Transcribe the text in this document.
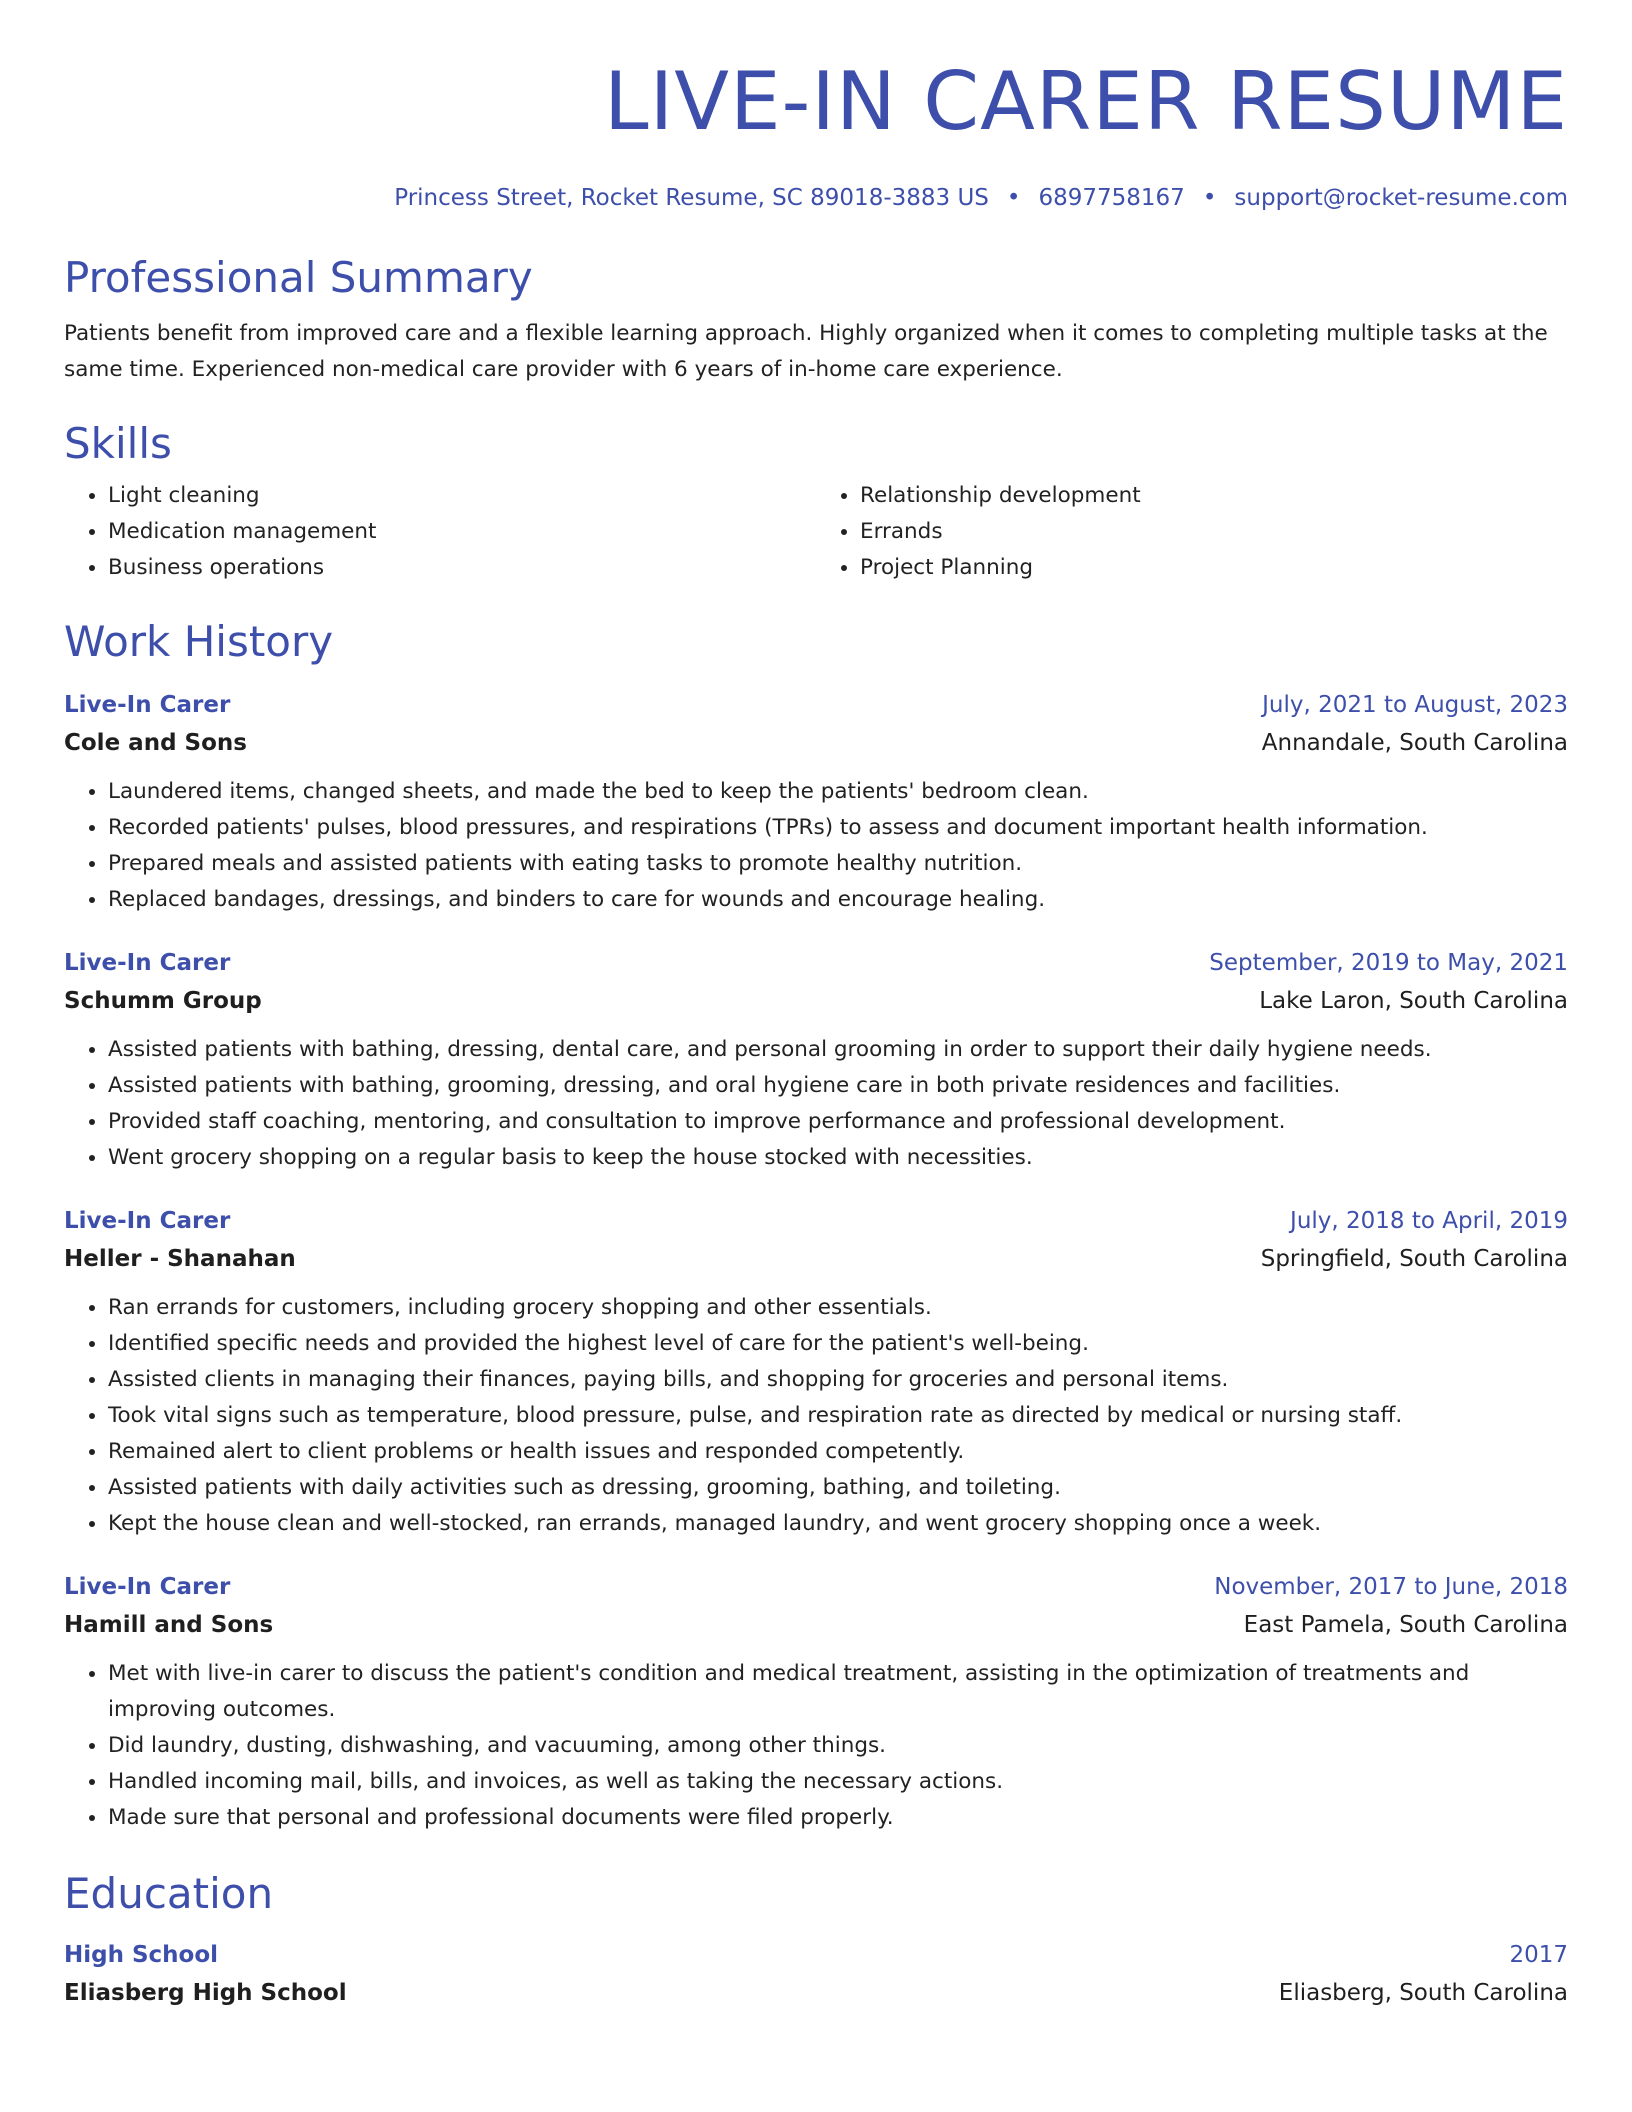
LIVE-IN CARER RESUME
Princess Street, Rocket Resume, SC 89018-3883 US • 6897758167 • support@rocket-resume.com
Professional Summary

Patients benefit from improved care and a flexible learning approach. Highly organized when it comes to completing multiple tasks at the same time. Experienced non-medical care provider with 6 years of in-home care experience.

Skills
• Light cleaning
• Medication management
• Business operations
• Relationship development
• Errands
• Project Planning
Work History
Live-In Carer	July, 2021 to August, 2023
Cole and Sons	Annandale, South Carolina
• Laundered items, changed sheets, and made the bed to keep the patients' bedroom clean.
• Recorded patients' pulses, blood pressures, and respirations (TPRs) to assess and document important health information.
• Prepared meals and assisted patients with eating tasks to promote healthy nutrition.
• Replaced bandages, dressings, and binders to care for wounds and encourage healing.
Live-In Carer	September, 2019 to May, 2021
Schumm Group	Lake Laron, South Carolina
• Assisted patients with bathing, dressing, dental care, and personal grooming in order to support their daily hygiene needs.
• Assisted patients with bathing, grooming, dressing, and oral hygiene care in both private residences and facilities.
• Provided staff coaching, mentoring, and consultation to improve performance and professional development.
• Went grocery shopping on a regular basis to keep the house stocked with necessities.
Live-In Carer	July, 2018 to April, 2019
Heller - Shanahan	Springfield, South Carolina
• Ran errands for customers, including grocery shopping and other essentials.
• Identified specific needs and provided the highest level of care for the patient's well-being.
• Assisted clients in managing their finances, paying bills, and shopping for groceries and personal items.
• Took vital signs such as temperature, blood pressure, pulse, and respiration rate as directed by medical or nursing staff.
• Remained alert to client problems or health issues and responded competently.
• Assisted patients with daily activities such as dressing, grooming, bathing, and toileting.
• Kept the house clean and well-stocked, ran errands, managed laundry, and went grocery shopping once a week.
Live-In Carer	November, 2017 to June, 2018
Hamill and Sons	East Pamela, South Carolina
• Met with live-in carer to discuss the patient's condition and medical treatment, assisting in the optimization of treatments and improving outcomes.
• Did laundry, dusting, dishwashing, and vacuuming, among other things.
• Handled incoming mail, bills, and invoices, as well as taking the necessary actions.
• Made sure that personal and professional documents were filed properly.
Education
High School	2017
Eliasberg High School	Eliasberg, South Carolina
